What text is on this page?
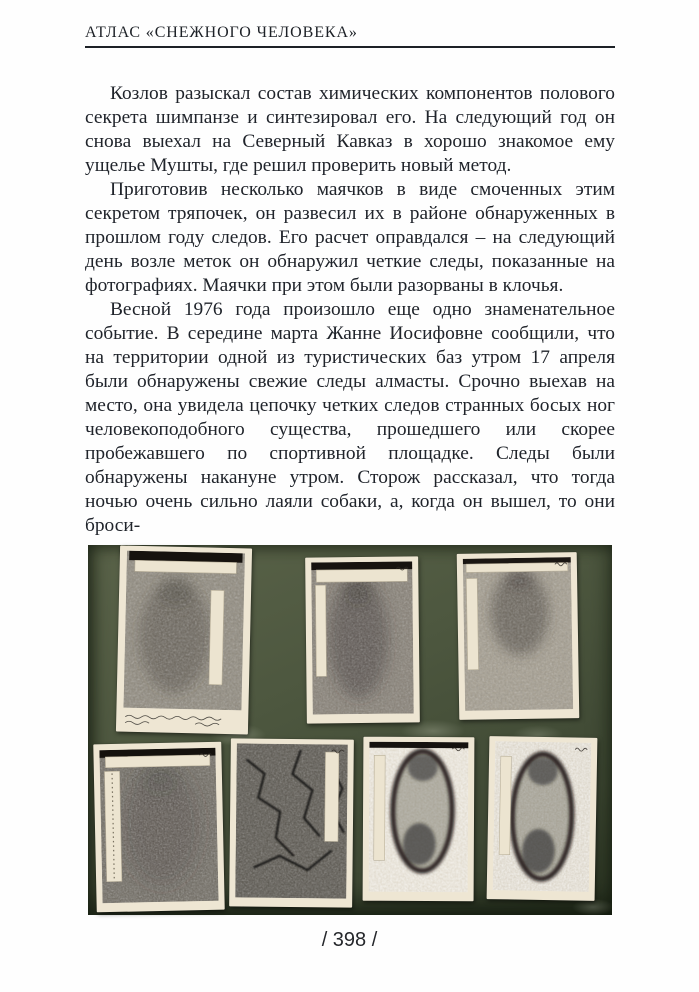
АТЛАС «СНЕЖНОГО ЧЕЛОВЕКА»

Козлов разыскал состав химических компонентов полового секрета шимпанзе и синтезировал его. На следующий год он снова выехал на Северный Кавказ в хорошо знакомое ему ущелье Мушты, где решил проверить новый метод.

Приготовив несколько маячков в виде смоченных этим секретом тряпочек, он развесил их в районе обнаруженных в прошлом году следов. Его расчет оправдался – на следующий день возле меток он обнаружил четкие следы, показанные на фотографиях. Маячки при этом были разорваны в клочья.

Весной 1976 года произошло еще одно знаменательное событие. В середине марта Жанне Иосифовне сообщили, что на территории одной из туристических баз утром 17 апреля были обнаружены свежие следы алмасты. Срочно выехав на место, она увидела цепочку четких следов странных босых ног человекоподобного существа, прошедшего или скорее пробежавшего по спортивной площадке. Следы были обнаружены накануне утром. Сторож рассказал, что тогда ночью очень сильно лаяли собаки, а, когда он вышел, то они броси-

/ 398 /
